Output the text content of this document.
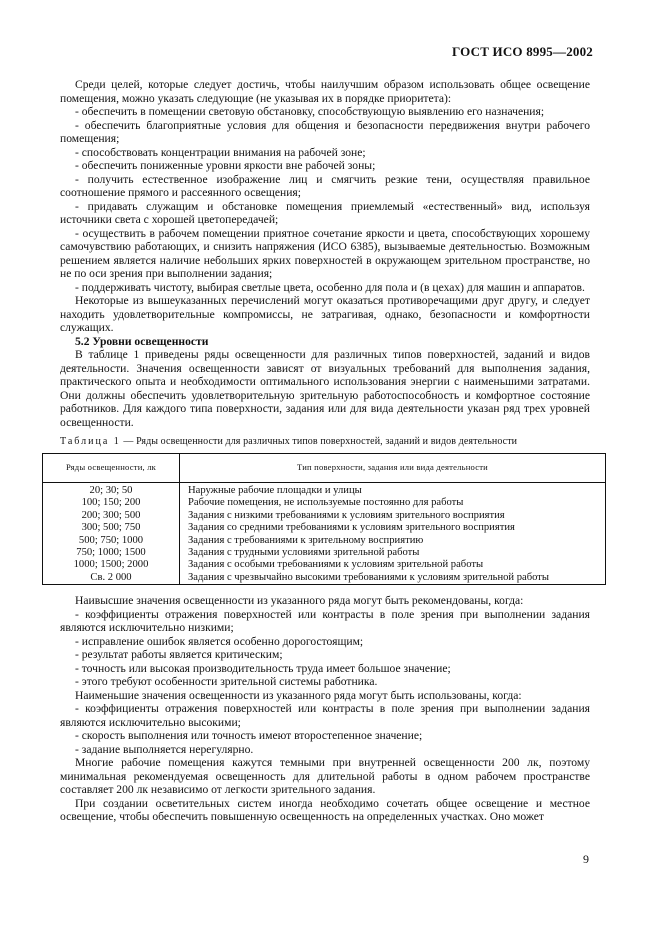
ГОСТ ИСО 8995—2002

Среди целей, которые следует достичь, чтобы наилучшим образом использовать общее освещение помещения, можно указать следующие (не указывая их в порядке приоритета):

- обеспечить в помещении световую обстановку, способствующую выявлению его назначения;

- обеспечить благоприятные условия для общения и безопасности передвижения внутри рабочего помещения;

- способствовать концентрации внимания на рабочей зоне;

- обеспечить пониженные уровни яркости вне рабочей зоны;

- получить естественное изображение лиц и смягчить резкие тени, осуществляя правильное соотношение прямого и рассеянного освещения;

- придавать служащим и обстановке помещения приемлемый «естественный» вид, используя источники света с хорошей цветопередачей;

- осуществить в рабочем помещении приятное сочетание яркости и цвета, способствующих хорошему самочувствию работающих, и снизить напряжения (ИСО 6385), вызываемые деятельностью. Возможным решением является наличие небольших ярких поверхностей в окружающем зрительном пространстве, но не по оси зрения при выполнении задания;

- поддерживать чистоту, выбирая светлые цвета, особенно для пола и (в цехах) для машин и аппаратов.

Некоторые из вышеуказанных перечислений могут оказаться противоречащими друг другу, и следует находить удовлетворительные компромиссы, не затрагивая, однако, безопасности и комфортности служащих.

5.2 Уровни освещенности

В таблице 1 приведены ряды освещенности для различных типов поверхностей, заданий и видов деятельности. Значения освещенности зависят от визуальных требований для выполнения задания, практического опыта и необходимости оптимального использования энергии с наименьшими затратами. Они должны обеспечить удовлетворительную зрительную работоспособность и комфортное состояние работников. Для каждого типа поверхности, задания или для вида деятельности указан ряд трех уровней освещенности.

Таблица 1 — Ряды освещенности для различных типов поверхностей, заданий и видов деятельности
Ряды освещенности, лк	Тип поверхности, задания или вида деятельности
20; 30; 50	Наружные рабочие площадки и улицы
100; 150; 200	Рабочие помещения, не используемые постоянно для работы
200; 300; 500	Задания с низкими требованиями к условиям зрительного восприятия
300; 500; 750	Задания со средними требованиями к условиям зрительного восприятия
500; 750; 1000	Задания с требованиями к зрительному восприятию
750; 1000; 1500	Задания с трудными условиями зрительной работы
1000; 1500; 2000	Задания с особыми требованиями к условиям зрительной работы
Св. 2 000	Задания с чрезвычайно высокими требованиями к условиям зрительной работы

Наивысшие значения освещенности из указанного ряда могут быть рекомендованы, когда:

- коэффициенты отражения поверхностей или контрасты в поле зрения при выполнении задания являются исключительно низкими;

- исправление ошибок является особенно дорогостоящим;

- результат работы является критическим;

- точность или высокая производительность труда имеет большое значение;

- этого требуют особенности зрительной системы работника.

Наименьшие значения освещенности из указанного ряда могут быть использованы, когда:

- коэффициенты отражения поверхностей или контрасты в поле зрения при выполнении задания являются исключительно высокими;

- скорость выполнения или точность имеют второстепенное значение;

- задание выполняется нерегулярно.

Многие рабочие помещения кажутся темными при внутренней освещенности 200 лк, поэтому минимальная рекомендуемая освещенность для длительной работы в одном рабочем пространстве составляет 200 лк независимо от легкости зрительного задания.

При создании осветительных систем иногда необходимо сочетать общее освещение и местное освещение, чтобы обеспечить повышенную освещенность на определенных участках. Оно может

9
